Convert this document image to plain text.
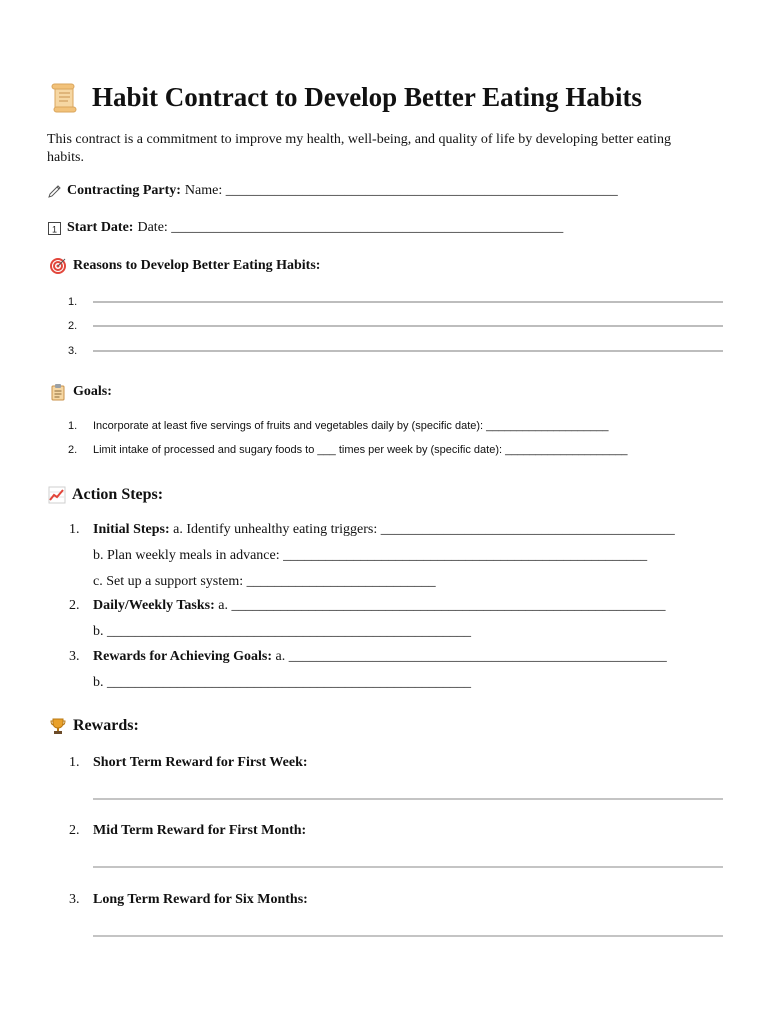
Habit Contract to Develop Better Eating Habits
This contract is a commitment to improve my health, well-being, and quality of life by developing better eating habits.
Contracting Party: Name: ________________________________________________________
1 Start Date: Date: ________________________________________________________
Reasons to Develop Better Eating Habits:
1.
2.
3.
Goals:
1. Incorporate at least five servings of fruits and vegetables daily by (specific date): ____________________
2. Limit intake of processed and sugary foods to ___ times per week by (specific date): ____________________
Action Steps:
1. Initial Steps: a. Identify unhealthy eating triggers: __________________________________________
b. Plan weekly meals in advance: ____________________________________________________
c. Set up a support system: ___________________________
2. Daily/Weekly Tasks: a. ______________________________________________________________
b. ____________________________________________________
3. Rewards for Achieving Goals: a. ______________________________________________________
b. ____________________________________________________
Rewards:
1. Short Term Reward for First Week:
2. Mid Term Reward for First Month:
3. Long Term Reward for Six Months:
